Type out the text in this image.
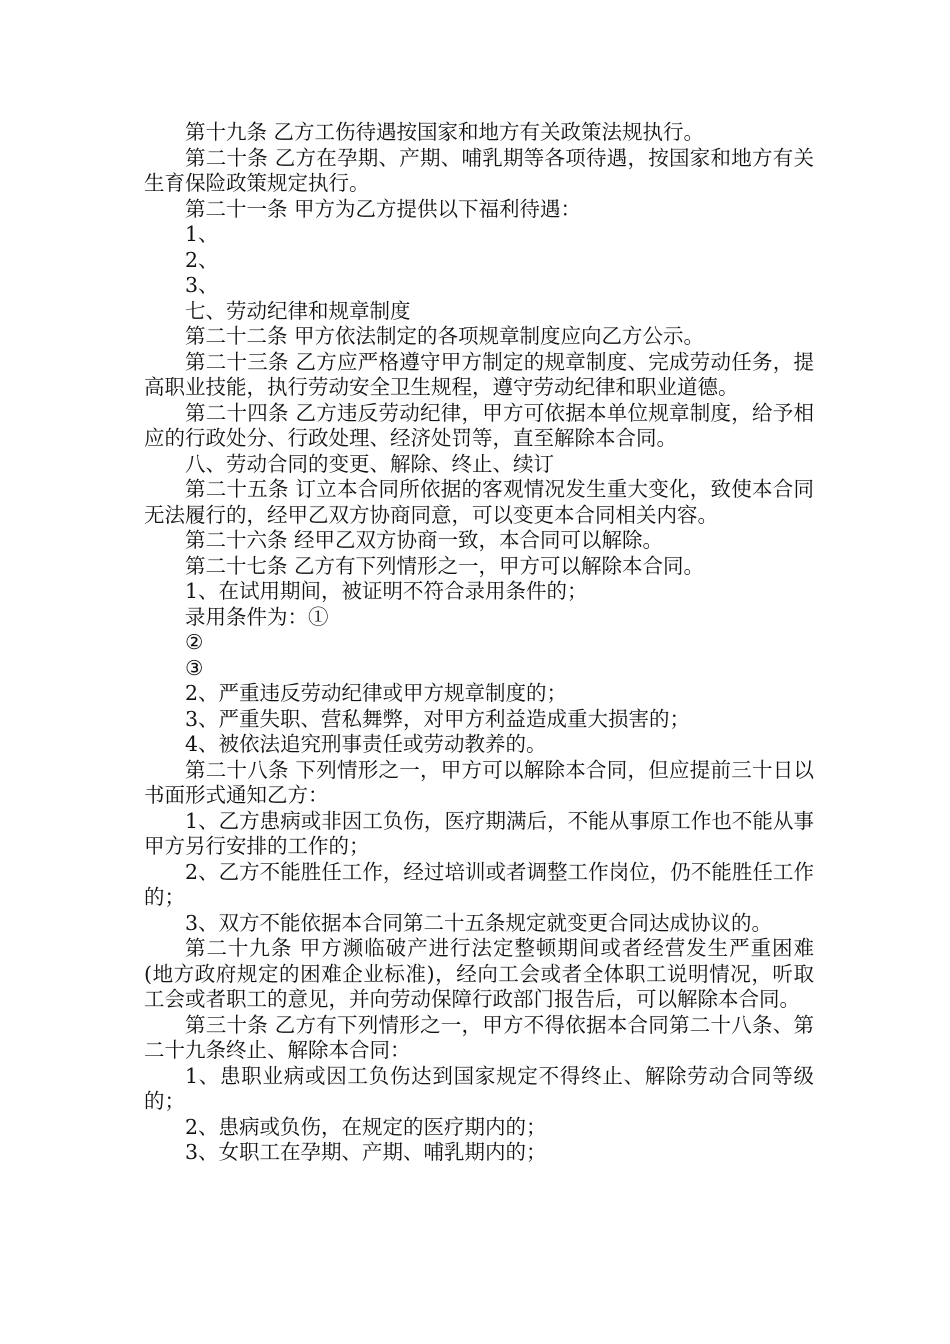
第十九条 乙方工伤待遇按国家和地方有关政策法规执行。

第二十条 乙方在孕期、产期、哺乳期等各项待遇，按国家和地方有关生育保险政策规定执行。

第二十一条 甲方为乙方提供以下福利待遇：

1、

2、

3、

七、劳动纪律和规章制度

第二十二条 甲方依法制定的各项规章制度应向乙方公示。

第二十三条 乙方应严格遵守甲方制定的规章制度、完成劳动任务，提高职业技能，执行劳动安全卫生规程，遵守劳动纪律和职业道德。

第二十四条 乙方违反劳动纪律，甲方可依据本单位规章制度，给予相应的行政处分、行政处理、经济处罚等，直至解除本合同。

八、劳动合同的变更、解除、终止、续订

第二十五条 订立本合同所依据的客观情况发生重大变化，致使本合同无法履行的，经甲乙双方协商同意，可以变更本合同相关内容。

第二十六条 经甲乙双方协商一致，本合同可以解除。

第二十七条 乙方有下列情形之一，甲方可以解除本合同。

1、在试用期间，被证明不符合录用条件的；

录用条件为：①

②

③

2、严重违反劳动纪律或甲方规章制度的；

3、严重失职、营私舞弊，对甲方利益造成重大损害的；

4、被依法追究刑事责任或劳动教养的。

第二十八条 下列情形之一，甲方可以解除本合同，但应提前三十日以书面形式通知乙方：

1、乙方患病或非因工负伤，医疗期满后，不能从事原工作也不能从事甲方另行安排的工作的；

2、乙方不能胜任工作，经过培训或者调整工作岗位，仍不能胜任工作的；

3、双方不能依据本合同第二十五条规定就变更合同达成协议的。

第二十九条 甲方濒临破产进行法定整顿期间或者经营发生严重困难(地方政府规定的困难企业标准)，经向工会或者全体职工说明情况，听取工会或者职工的意见，并向劳动保障行政部门报告后，可以解除本合同。

第三十条 乙方有下列情形之一，甲方不得依据本合同第二十八条、第二十九条终止、解除本合同：

1、患职业病或因工负伤达到国家规定不得终止、解除劳动合同等级的；

2、患病或负伤，在规定的医疗期内的；

3、女职工在孕期、产期、哺乳期内的；
